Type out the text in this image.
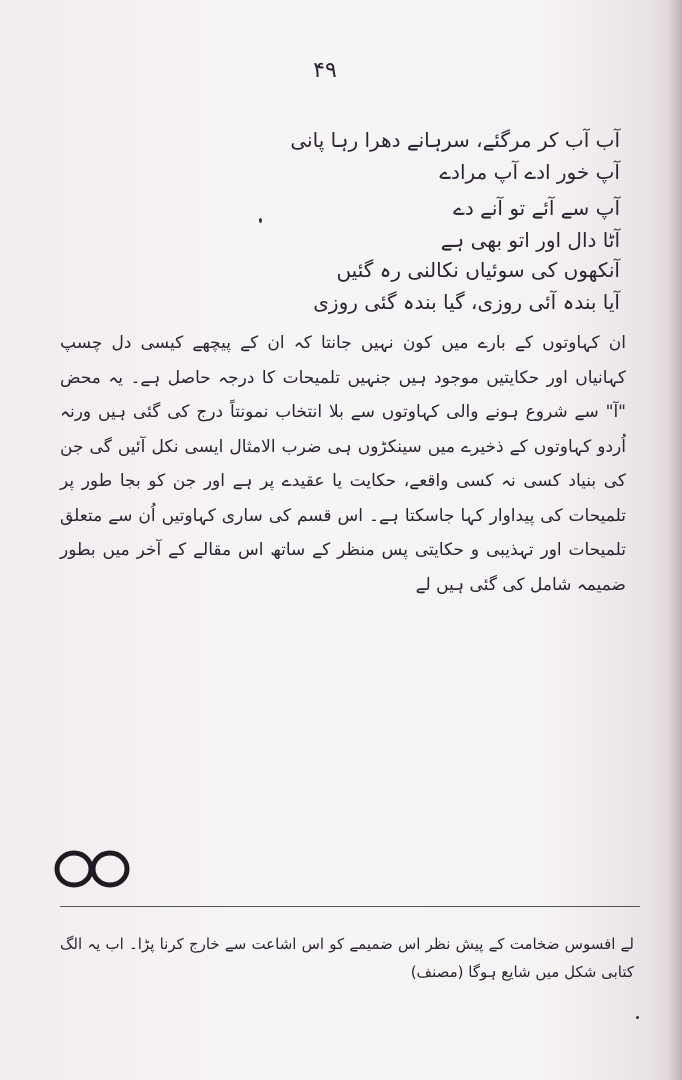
۴۹
آب آب کر مرگئے، سرہانے دھرا رہا پانی
آپ خور ادے آپ مرادے
آپ سے آئے تو آنے دے
آٹا دال اور اتو بھی ہے
آنکھوں کی سوئیاں نکالنی رہ گئیں
آیا بندہ آئی روزی، گیا بندہ گئی روزی
ان کہاوتوں کے بارے میں کون نہیں جانتا کہ ان کے پیچھے کیسی دل چسپ کہانیاں اور حکایتیں موجود ہیں جنہیں تلمیحات کا درجہ حاصل ہے۔ یہ محض "آ" سے شروع ہونے والی کہاوتوں سے بلا انتخاب نمونتاً درج کی گئی ہیں ورنہ اُردو کہاوتوں کے ذخیرے میں سینکڑوں ہی ضرب الامثال ایسی نکل آئیں گی جن کی بنیاد کسی نہ کسی واقعے، حکایت یا عقیدے پر ہے اور جن کو بجا طور پر تلمیحات کی پیداوار کہا جاسکتا ہے۔ اس قسم کی ساری کہاوتیں اُن سے متعلق تلمیحات اور تہذیبی و حکایتی پس منظر کے ساتھ اس مقالے کے آخر میں بطور ضمیمہ شامل کی گئی ہیں لے
لے افسوس ضخامت کے پیش نظر اس ضمیمے کو اس اشاعت سے خارج کرنا پڑا۔ اب یہ الگ کتابی شکل میں شایع ہوگا (مصنف)
